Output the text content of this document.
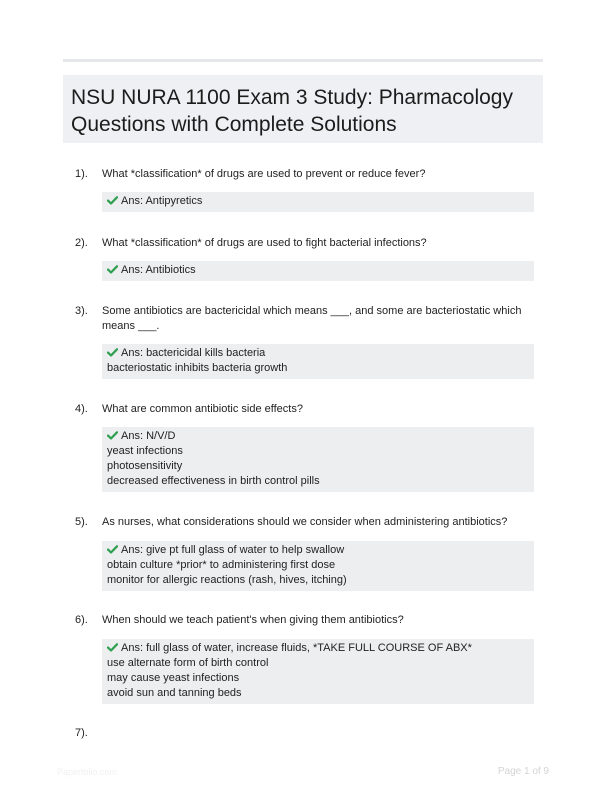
NSU NURA 1100 Exam 3 Study: Pharmacology
Questions with Complete Solutions
1). What *classification* of drugs are used to prevent or reduce fever?
Ans: Antipyretics
2). What *classification* of drugs are used to fight bacterial infections?
Ans: Antibiotics
3). Some antibiotics are bactericidal which means ___, and some are bacteriostatic which
means ___.
Ans: bactericidal kills bacteria
bacteriostatic inhibits bacteria growth
4). What are common antibiotic side effects?
Ans: N/V/D
yeast infections
photosensitivity
decreased effectiveness in birth control pills
5). As nurses, what considerations should we consider when administering antibiotics?
Ans: give pt full glass of water to help swallow
obtain culture *prior* to administering first dose
monitor for allergic reactions (rash, hives, itching)
6). When should we teach patient's when giving them antibiotics?
Ans: full glass of water, increase fluids, *TAKE FULL COURSE OF ABX*
use alternate form of birth control
may cause yeast infections
avoid sun and tanning beds
7).
Paperfolio.com	Page 1 of 9
